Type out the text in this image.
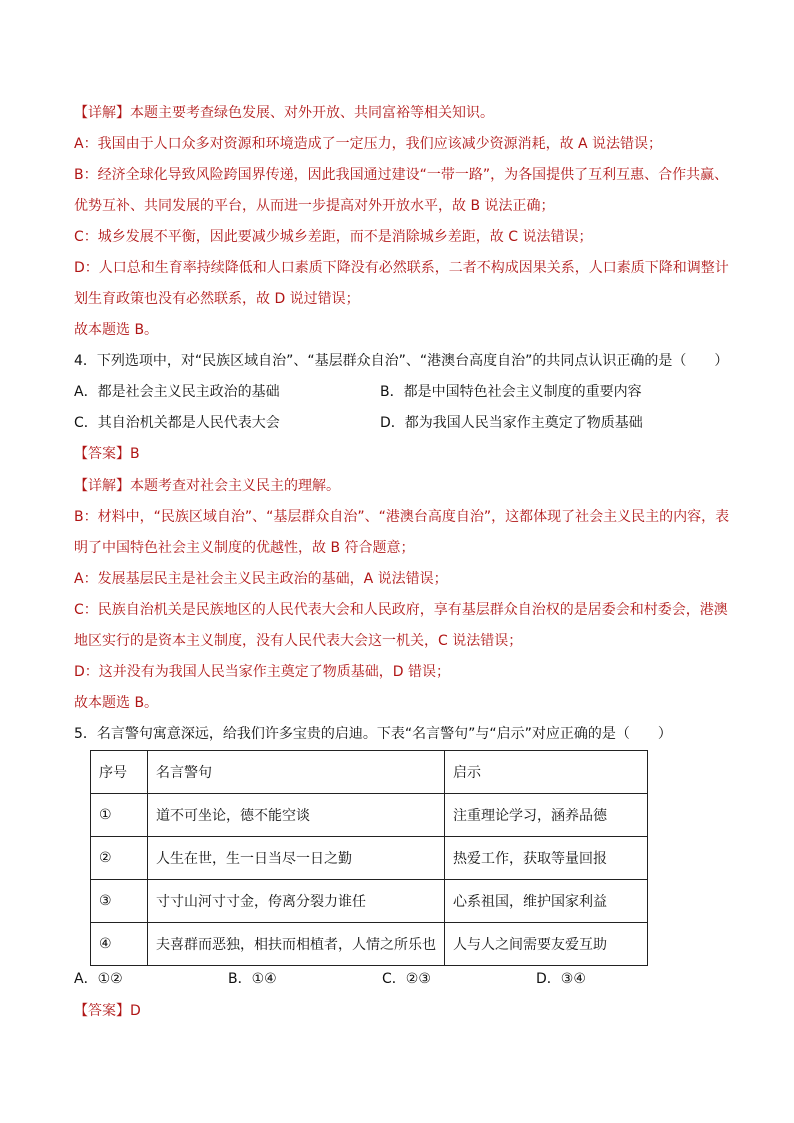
【详解】本题主要考查绿色发展、对外开放、共同富裕等相关知识。
A：我国由于人口众多对资源和环境造成了一定压力，我们应该减少资源消耗，故 A 说法错误；
B：经济全球化导致风险跨国界传递，因此我国通过建设“一带一路”，为各国提供了互利互惠、合作共赢、
优势互补、共同发展的平台，从而进一步提高对外开放水平，故 B 说法正确；
C：城乡发展不平衡，因此要减少城乡差距，而不是消除城乡差距，故 C 说法错误；
D：人口总和生育率持续降低和人口素质下降没有必然联系，二者不构成因果关系，人口素质下降和调整计
划生育政策也没有必然联系，故 D 说过错误；
故本题选 B。
4．下列选项中，对“民族区域自治”、“基层群众自治”、“港澳台高度自治”的共同点认识正确的是（　　）
A．都是社会主义民主政治的基础	B．都是中国特色社会主义制度的重要内容
C．其自治机关都是人民代表大会	D．都为我国人民当家作主奠定了物质基础
【答案】B
【详解】本题考查对社会主义民主的理解。
B：材料中，“民族区域自治”、“基层群众自治”、“港澳台高度自治”，这都体现了社会主义民主的内容，表
明了中国特色社会主义制度的优越性，故 B 符合题意；
A：发展基层民主是社会主义民主政治的基础，A 说法错误；
C：民族自治机关是民族地区的人民代表大会和人民政府，享有基层群众自治权的是居委会和村委会，港澳
地区实行的是资本主义制度，没有人民代表大会这一机关，C 说法错误；
D：这并没有为我国人民当家作主奠定了物质基础，D 错误；
故本题选 B。
5．名言警句寓意深远，给我们许多宝贵的启迪。下表“名言警句”与“启示”对应正确的是（　　）
序号	名言警句	启示
①	道不可坐论，德不能空谈	注重理论学习，涵养品德
②	人生在世，生一日当尽一日之勤	热爱工作，获取等量回报
③	寸寸山河寸寸金，侉离分裂力谁任	心系祖国，维护国家利益
④	夫喜群而恶独，相扶而相植者，人情之所乐也	人与人之间需要友爱互助
A．①②	B．①④	C．②③	D．③④
【答案】D
